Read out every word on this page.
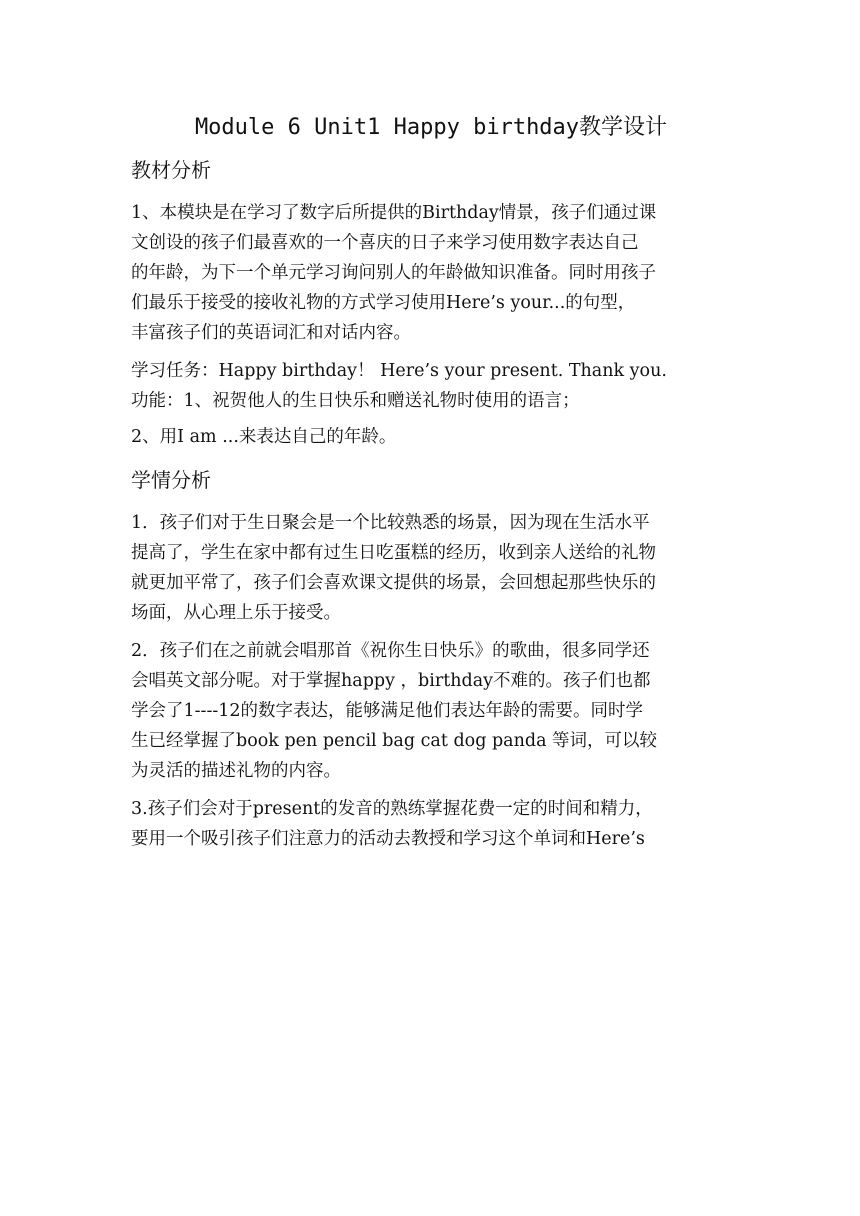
Module 6 Unit1 Happy birthday教学设计
教材分析
1、本模块是在学习了数字后所提供的Birthday情景，孩子们通过课
文创设的孩子们最喜欢的一个喜庆的日子来学习使用数字表达自己
的年龄，为下一个单元学习询问别人的年龄做知识准备。同时用孩子
们最乐于接受的接收礼物的方式学习使用Here’s your...的句型，
丰富孩子们的英语词汇和对话内容。
学习任务：Happy birthday！ Here’s your present. Thank you.
功能：1、祝贺他人的生日快乐和赠送礼物时使用的语言；
2、用I am ...来表达自己的年龄。
学情分析
1．孩子们对于生日聚会是一个比较熟悉的场景，因为现在生活水平
提高了，学生在家中都有过生日吃蛋糕的经历，收到亲人送给的礼物
就更加平常了，孩子们会喜欢课文提供的场景，会回想起那些快乐的
场面，从心理上乐于接受。
2．孩子们在之前就会唱那首《祝你生日快乐》的歌曲，很多同学还
会唱英文部分呢。对于掌握happy ，birthday不难的。孩子们也都
学会了1----12的数字表达，能够满足他们表达年龄的需要。同时学
生已经掌握了book pen pencil bag cat dog panda 等词，可以较
为灵活的描述礼物的内容。
3.孩子们会对于present的发音的熟练掌握花费一定的时间和精力，
要用一个吸引孩子们注意力的活动去教授和学习这个单词和Here’s
